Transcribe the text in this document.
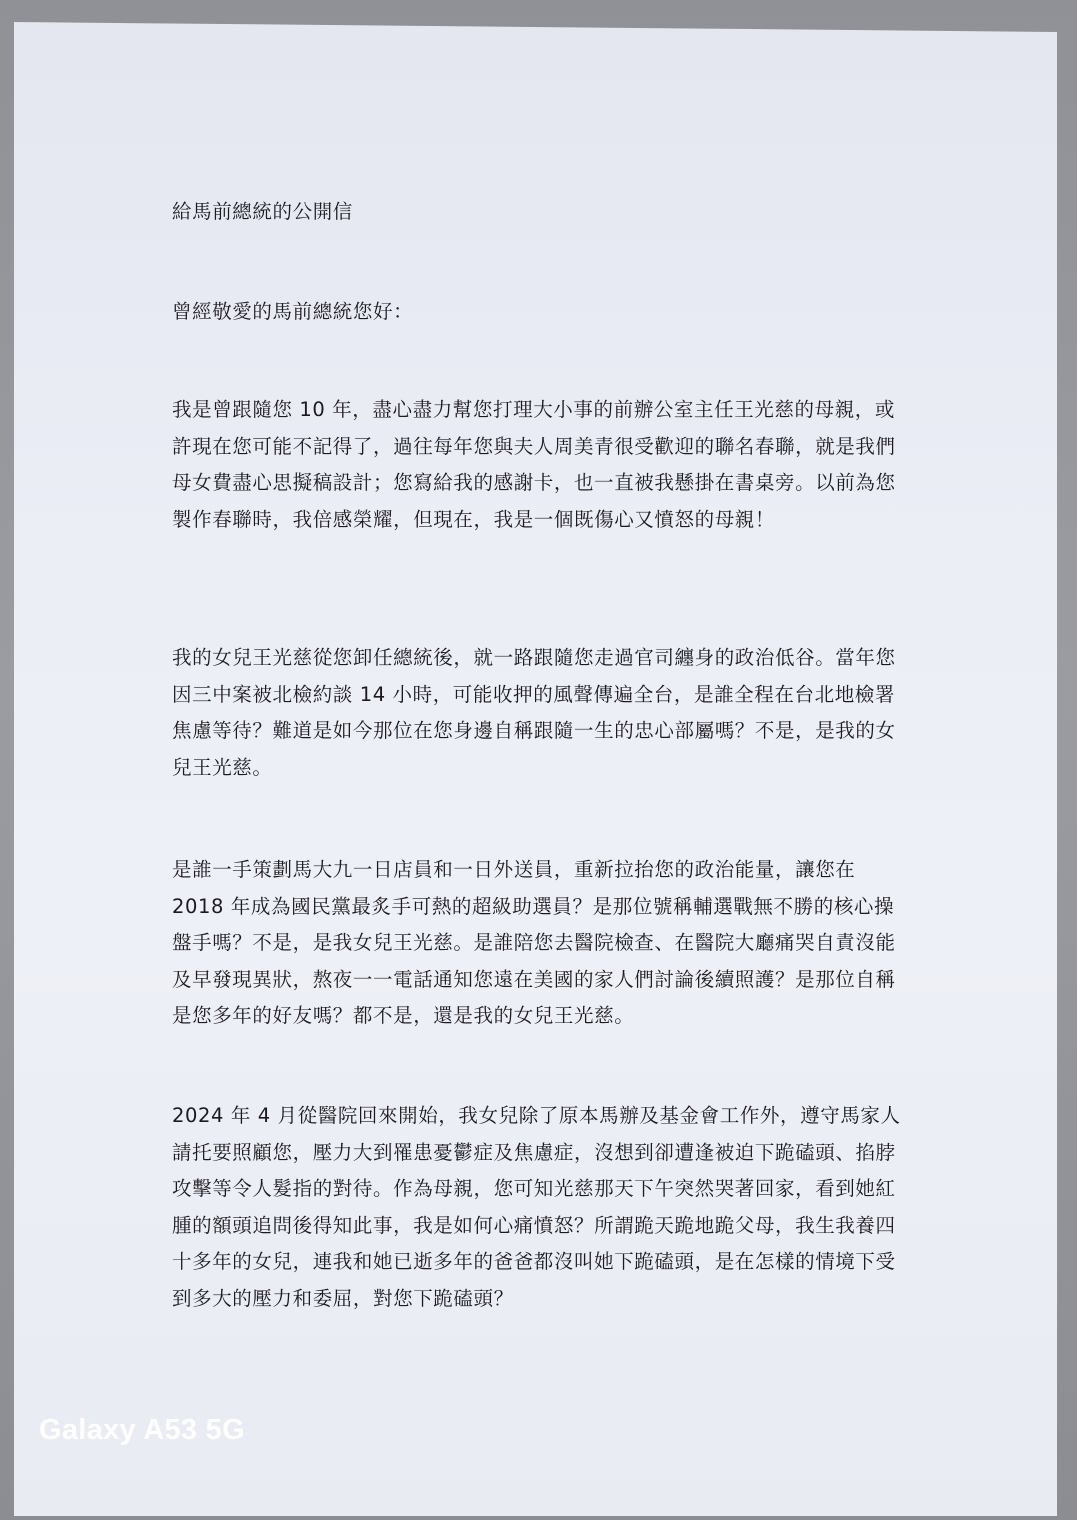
給馬前總統的公開信
曾經敬愛的馬前總統您好：

我是曾跟隨您 10 年，盡心盡力幫您打理大小事的前辦公室主任王光慈的母親，或許現在您可能不記得了，過往每年您與夫人周美青很受歡迎的聯名春聯，就是我們母女費盡心思擬稿設計；您寫給我的感謝卡，也一直被我懸掛在書桌旁。以前為您製作春聯時，我倍感榮耀，但現在，我是一個既傷心又憤怒的母親！

我的女兒王光慈從您卸任總統後，就一路跟隨您走過官司纏身的政治低谷。當年您因三中案被北檢約談 14 小時，可能收押的風聲傳遍全台，是誰全程在台北地檢署焦慮等待？難道是如今那位在您身邊自稱跟隨一生的忠心部屬嗎？不是，是我的女兒王光慈。

是誰一手策劃馬大九一日店員和一日外送員，重新拉抬您的政治能量，讓您在 2018 年成為國民黨最炙手可熱的超級助選員？是那位號稱輔選戰無不勝的核心操盤手嗎？不是，是我女兒王光慈。是誰陪您去醫院檢查、在醫院大廳痛哭自責沒能及早發現異狀，熬夜一一電話通知您遠在美國的家人們討論後續照護？是那位自稱是您多年的好友嗎？都不是，還是我的女兒王光慈。

2024 年 4 月從醫院回來開始，我女兒除了原本馬辦及基金會工作外，遵守馬家人請托要照顧您，壓力大到罹患憂鬱症及焦慮症，沒想到卻遭逢被迫下跪磕頭、掐脖攻擊等令人髮指的對待。作為母親，您可知光慈那天下午突然哭著回家，看到她紅腫的額頭追問後得知此事，我是如何心痛憤怒？所謂跪天跪地跪父母，我生我養四十多年的女兒，連我和她已逝多年的爸爸都沒叫她下跪磕頭，是在怎樣的情境下受到多大的壓力和委屈，對您下跪磕頭？

Galaxy A53 5G
